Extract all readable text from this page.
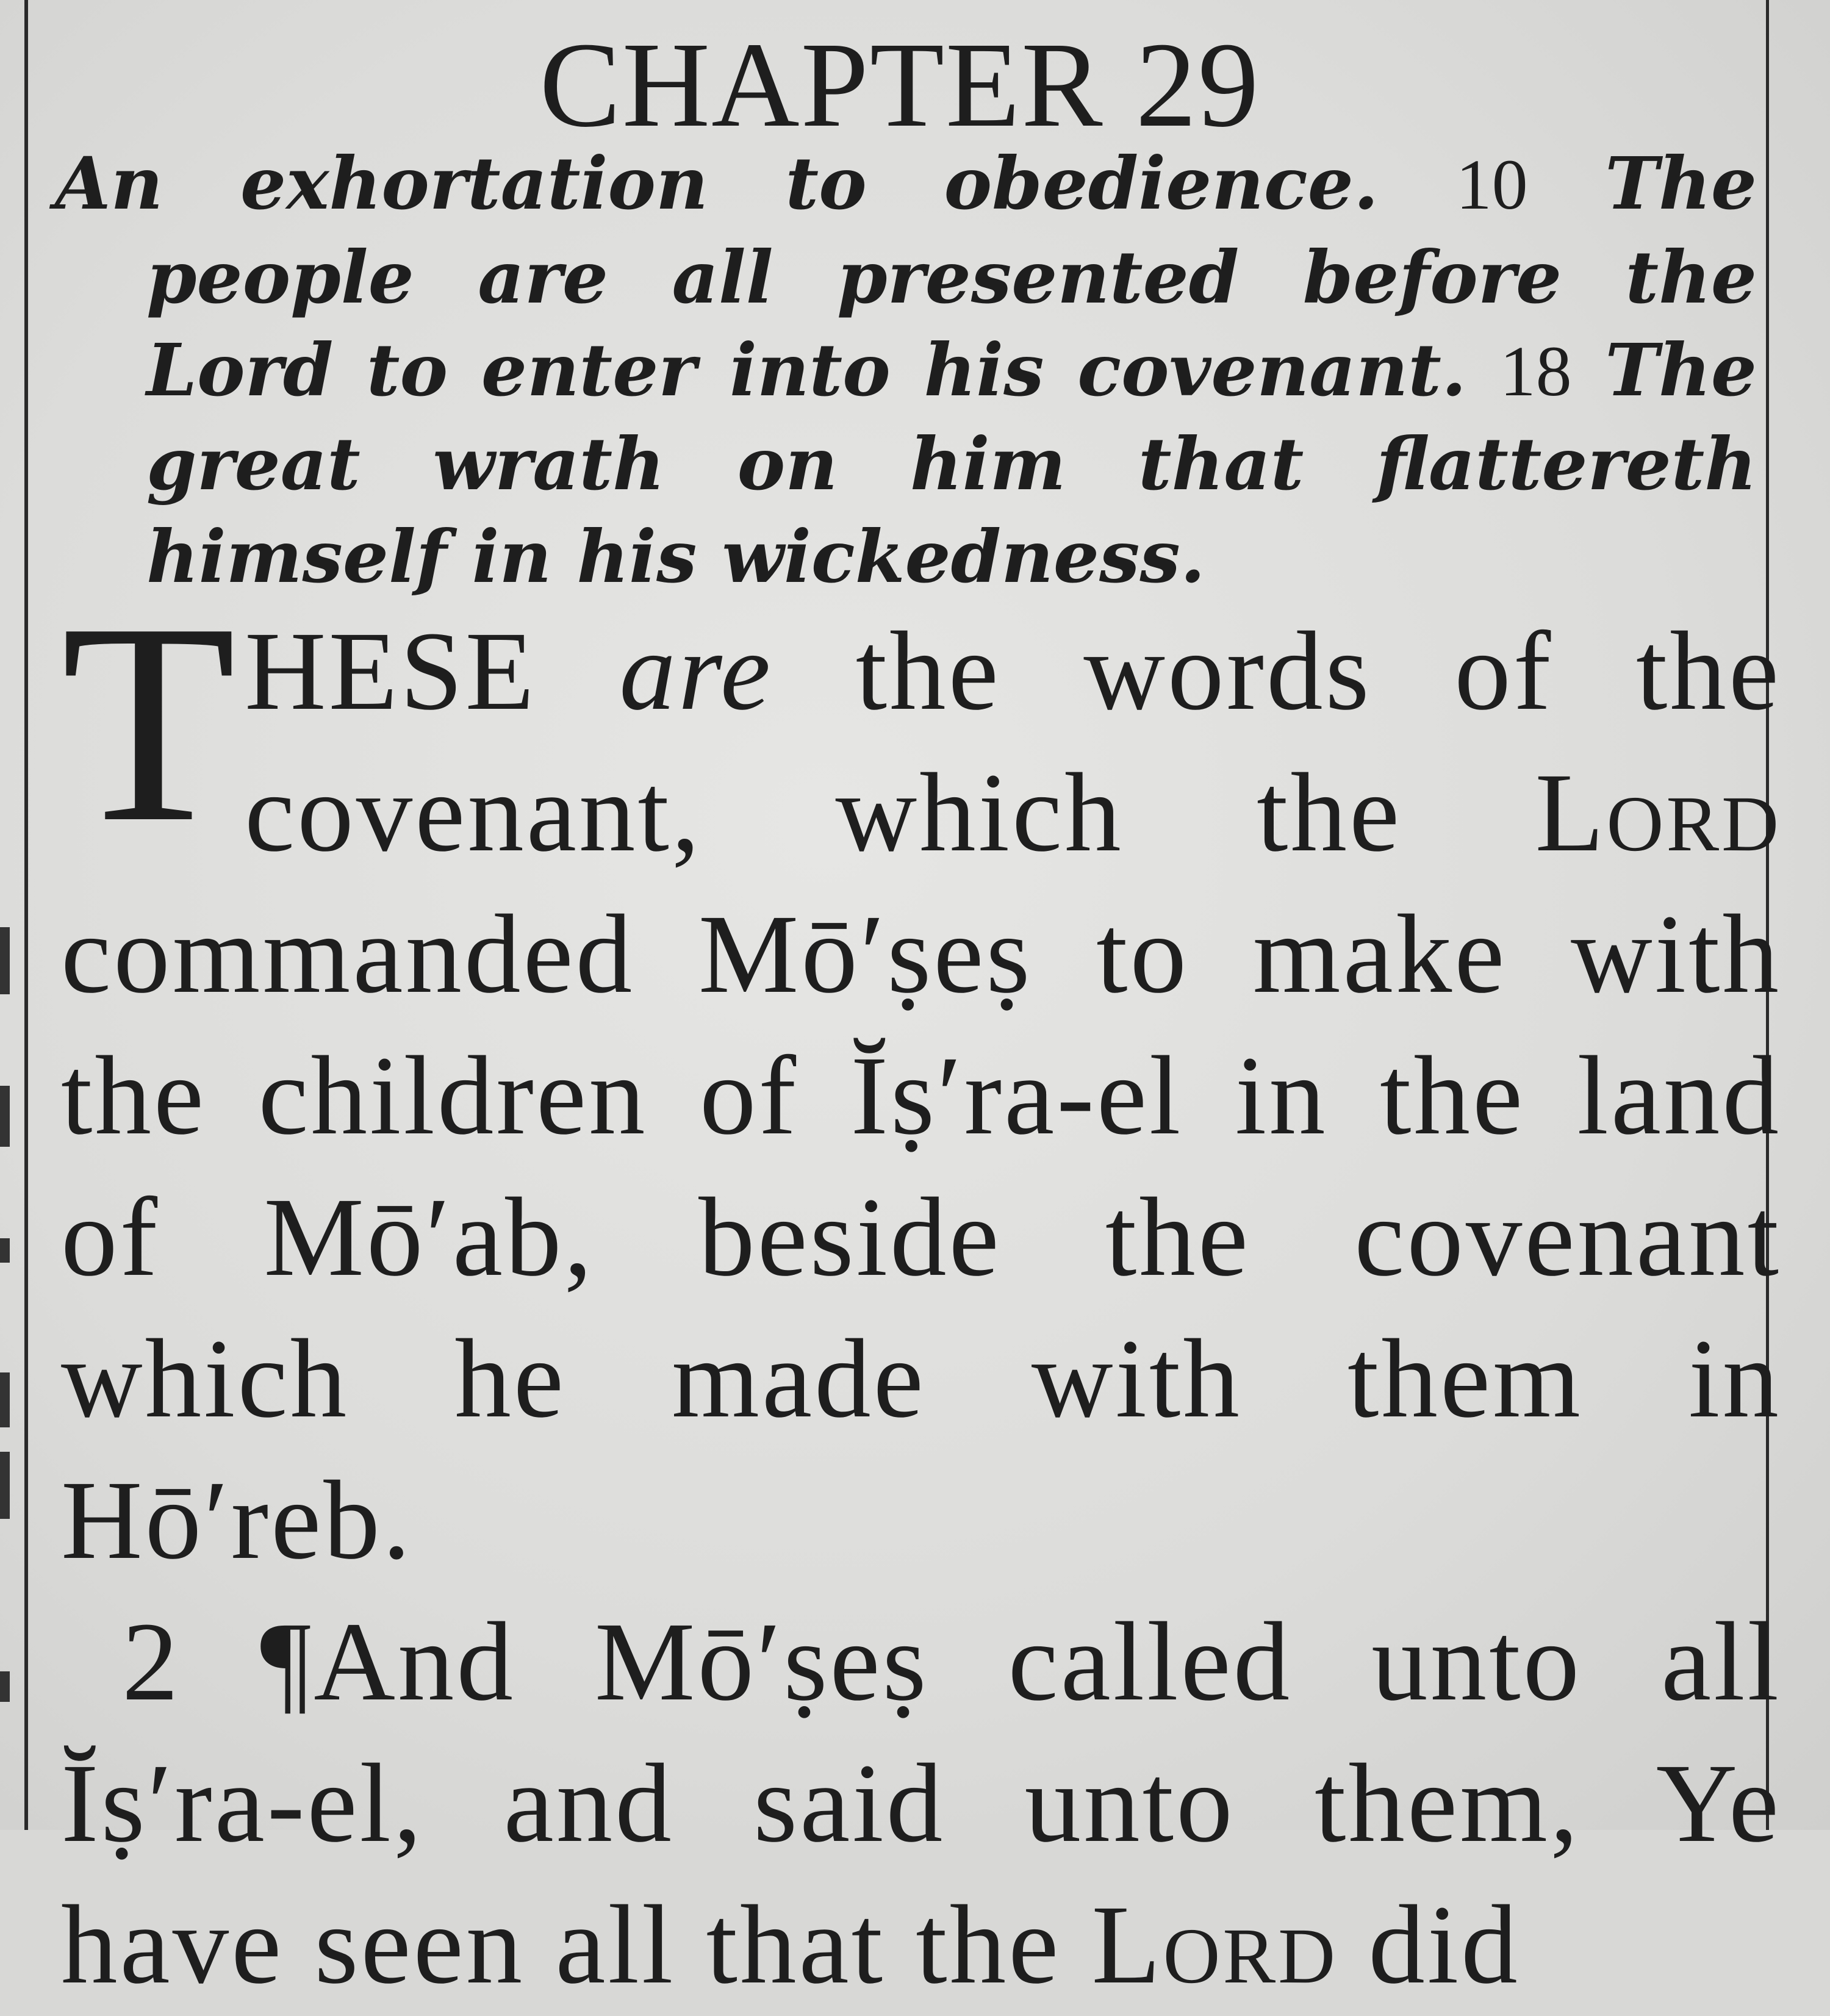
CHAPTER 29
An exhortation to obedience. 10 The people are all presented before the Lord to enter into his covenant. 18 The great wrath on him that flattereth himself in his wickedness.

THESE are the words of the covenant, which the Lord commanded Mō′ṣeṣ to make with the children of Ĭṣ′ra-el in the land of Mō′ab, beside the covenant which he made with them in Hō′reb.

2 ¶And Mō′ṣeṣ called unto all Ĭṣ′ra-el, and said unto them, Ye have seen all that the Lord did
